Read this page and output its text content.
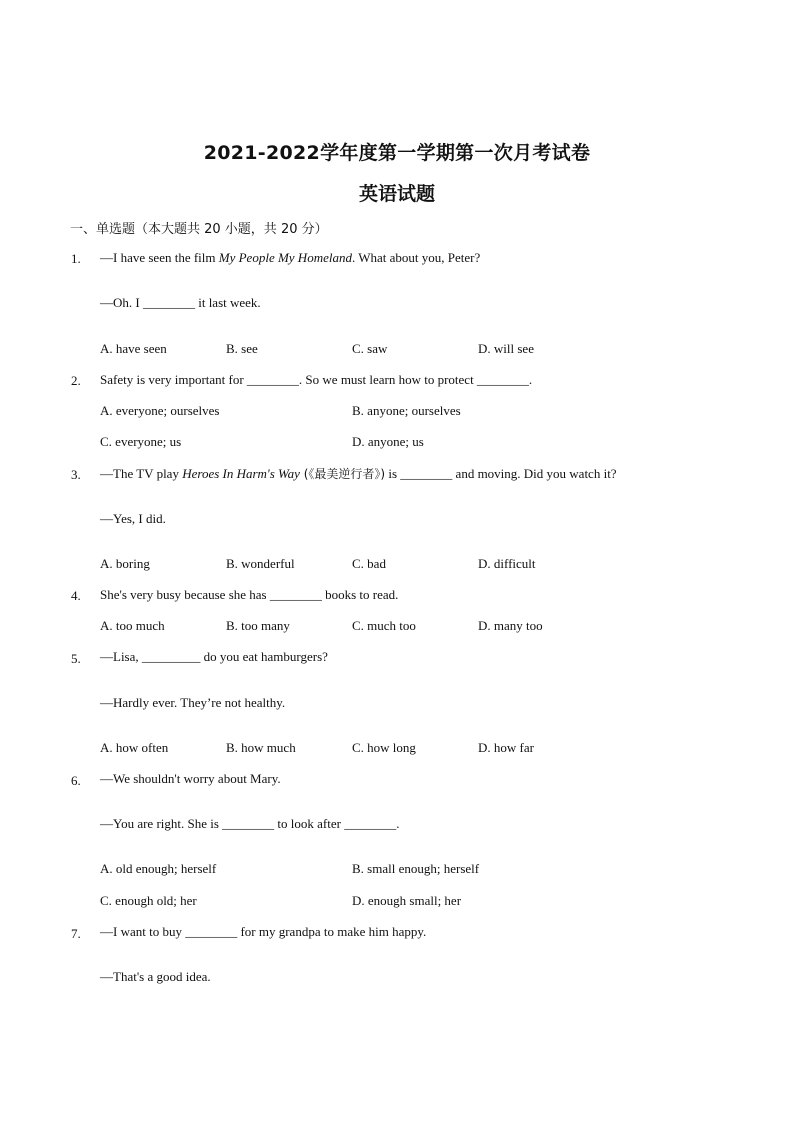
2021-2022学年度第一学期第一次月考试卷
英语试题
一、单选题（本大题共 20 小题，共 20 分）
1. —I have seen the film My People My Homeland. What about you, Peter?
—Oh. I ________ it last week.
A. have seen	B. see	C. saw	D. will see
2. Safety is very important for ________. So we must learn how to protect ________.
A. everyone; ourselves	B. anyone; ourselves
C. everyone; us	D. anyone; us
3. —The TV play Heroes In Harm's Way (《最美逆行者》) is ________ and moving. Did you watch it?
—Yes, I did.
A. boring	B. wonderful	C. bad	D. difficult
4. She's very busy because she has ________ books to read.
A. too much	B. too many	C. much too	D. many too
5. —Lisa, _________ do you eat hamburgers?
—Hardly ever. They’re not healthy.
A. how often	B. how much	C. how long	D. how far
6. —We shouldn't worry about Mary.
—You are right. She is ________ to look after ________.
A. old enough; herself	B. small enough; herself
C. enough old; her	D. enough small; her
7. —I want to buy ________ for my grandpa to make him happy.
—That's a good idea.
